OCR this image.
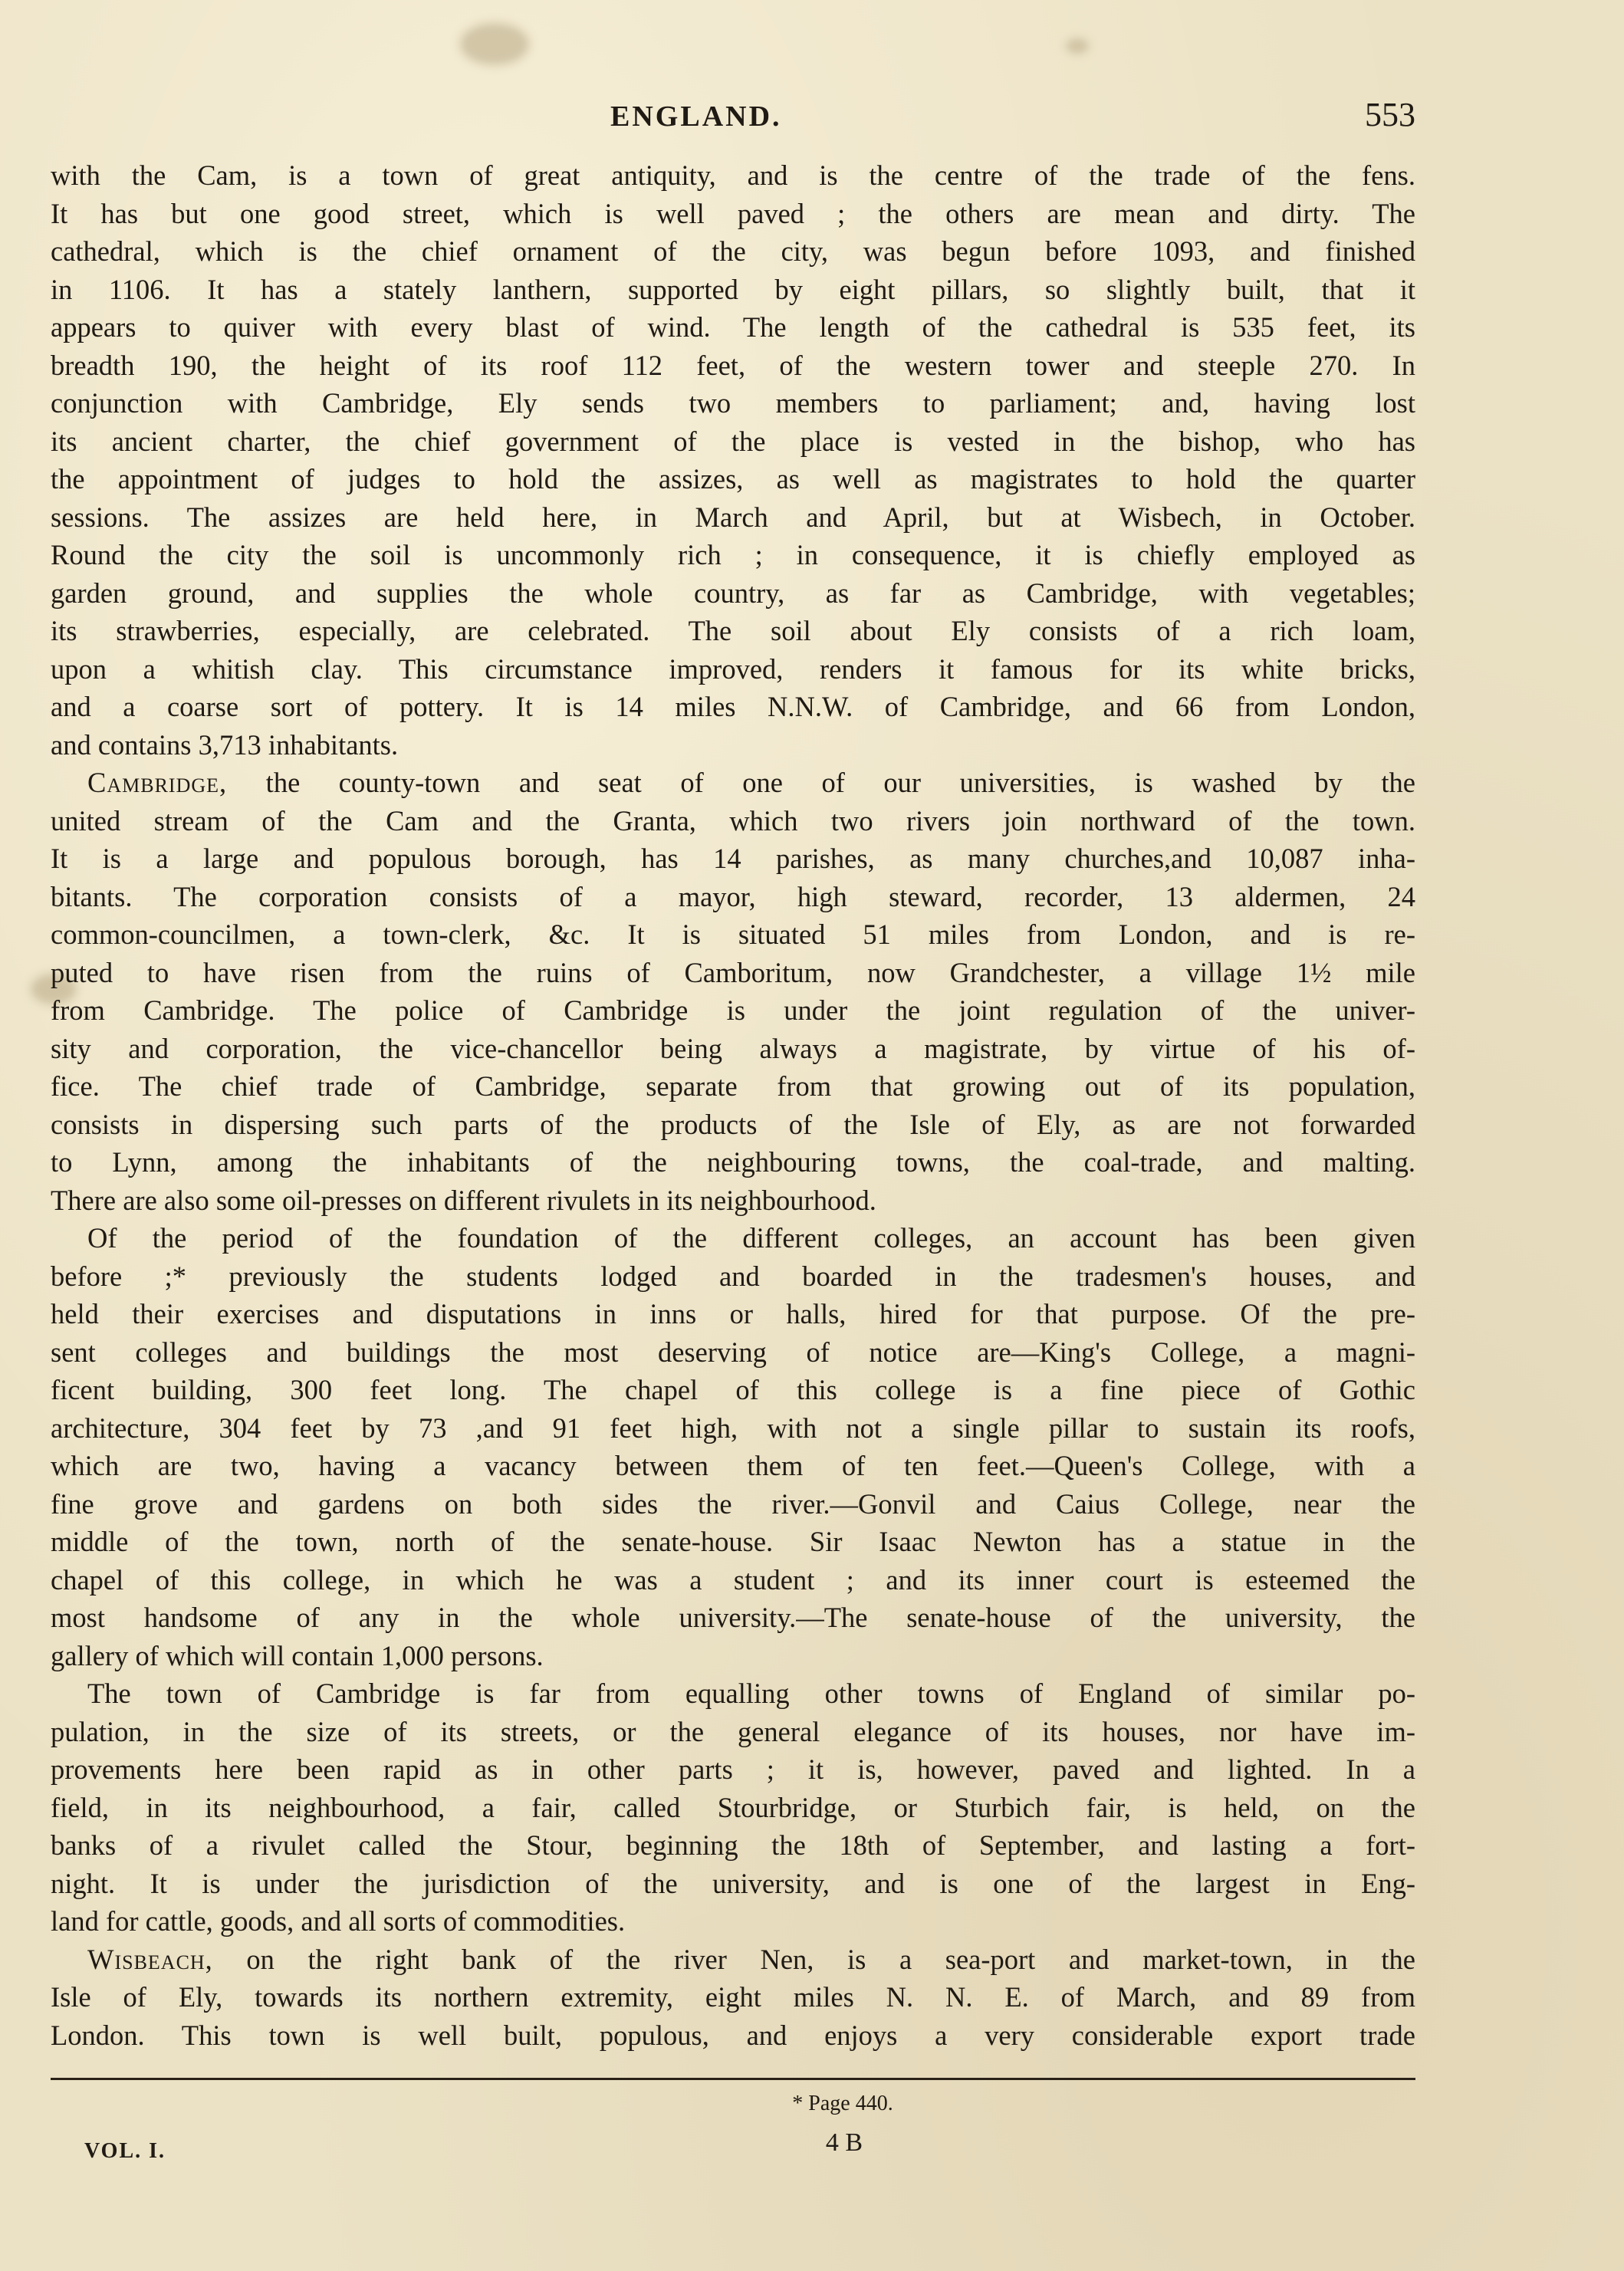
ENGLAND.	553
with the Cam, is a town of great antiquity, and is the centre of the trade of the fens.
It has but one good street, which is well paved ; the others are mean and dirty. The
cathedral, which is the chief ornament of the city, was begun before 1093, and finished
in 1106. It has a stately lanthern, supported by eight pillars, so slightly built, that it
appears to quiver with every blast of wind. The length of the cathedral is 535 feet, its
breadth 190, the height of its roof 112 feet, of the western tower and steeple 270. In
conjunction with Cambridge, Ely sends two members to parliament; and, having lost
its ancient charter, the chief government of the place is vested in the bishop, who has
the appointment of judges to hold the assizes, as well as magistrates to hold the quarter
sessions. The assizes are held here, in March and April, but at Wisbech, in October.
Round the city the soil is uncommonly rich ; in consequence, it is chiefly employed as
garden ground, and supplies the whole country, as far as Cambridge, with vegetables;
its strawberries, especially, are celebrated. The soil about Ely consists of a rich loam,
upon a whitish clay. This circumstance improved, renders it famous for its white bricks,
and a coarse sort of pottery. It is 14 miles N.N.W. of Cambridge, and 66 from London,
and contains 3,713 inhabitants.
Cambridge, the county-town and seat of one of our universities, is washed by the
united stream of the Cam and the Granta, which two rivers join northward of the town.
It is a large and populous borough, has 14 parishes, as many churches,and 10,087 inha-
bitants. The corporation consists of a mayor, high steward, recorder, 13 aldermen, 24
common-councilmen, a town-clerk, &c. It is situated 51 miles from London, and is re-
puted to have risen from the ruins of Camboritum, now Grandchester, a village 1½ mile
from Cambridge. The police of Cambridge is under the joint regulation of the univer-
sity and corporation, the vice-chancellor being always a magistrate, by virtue of his of-
fice. The chief trade of Cambridge, separate from that growing out of its population,
consists in dispersing such parts of the products of the Isle of Ely, as are not forwarded
to Lynn, among the inhabitants of the neighbouring towns, the coal-trade, and malting.
There are also some oil-presses on different rivulets in its neighbourhood.
Of the period of the foundation of the different colleges, an account has been given
before ;* previously the students lodged and boarded in the tradesmen's houses, and
held their exercises and disputations in inns or halls, hired for that purpose. Of the pre-
sent colleges and buildings the most deserving of notice are—King's College, a magni-
ficent building, 300 feet long. The chapel of this college is a fine piece of Gothic
architecture, 304 feet by 73 ,and 91 feet high, with not a single pillar to sustain its roofs,
which are two, having a vacancy between them of ten feet.—Queen's College, with a
fine grove and gardens on both sides the river.—Gonvil and Caius College, near the
middle of the town, north of the senate-house. Sir Isaac Newton has a statue in the
chapel of this college, in which he was a student ; and its inner court is esteemed the
most handsome of any in the whole university.—The senate-house of the university, the
gallery of which will contain 1,000 persons.
The town of Cambridge is far from equalling other towns of England of similar po-
pulation, in the size of its streets, or the general elegance of its houses, nor have im-
provements here been rapid as in other parts ; it is, however, paved and lighted. In a
field, in its neighbourhood, a fair, called Stourbridge, or Sturbich fair, is held, on the
banks of a rivulet called the Stour, beginning the 18th of September, and lasting a fort-
night. It is under the jurisdiction of the university, and is one of the largest in Eng-
land for cattle, goods, and all sorts of commodities.
Wisbeach, on the right bank of the river Nen, is a sea-port and market-town, in the
Isle of Ely, towards its northern extremity, eight miles N. N. E. of March, and 89 from
London. This town is well built, populous, and enjoys a very considerable export trade
* Page 440.
VOL. I.	4 B
